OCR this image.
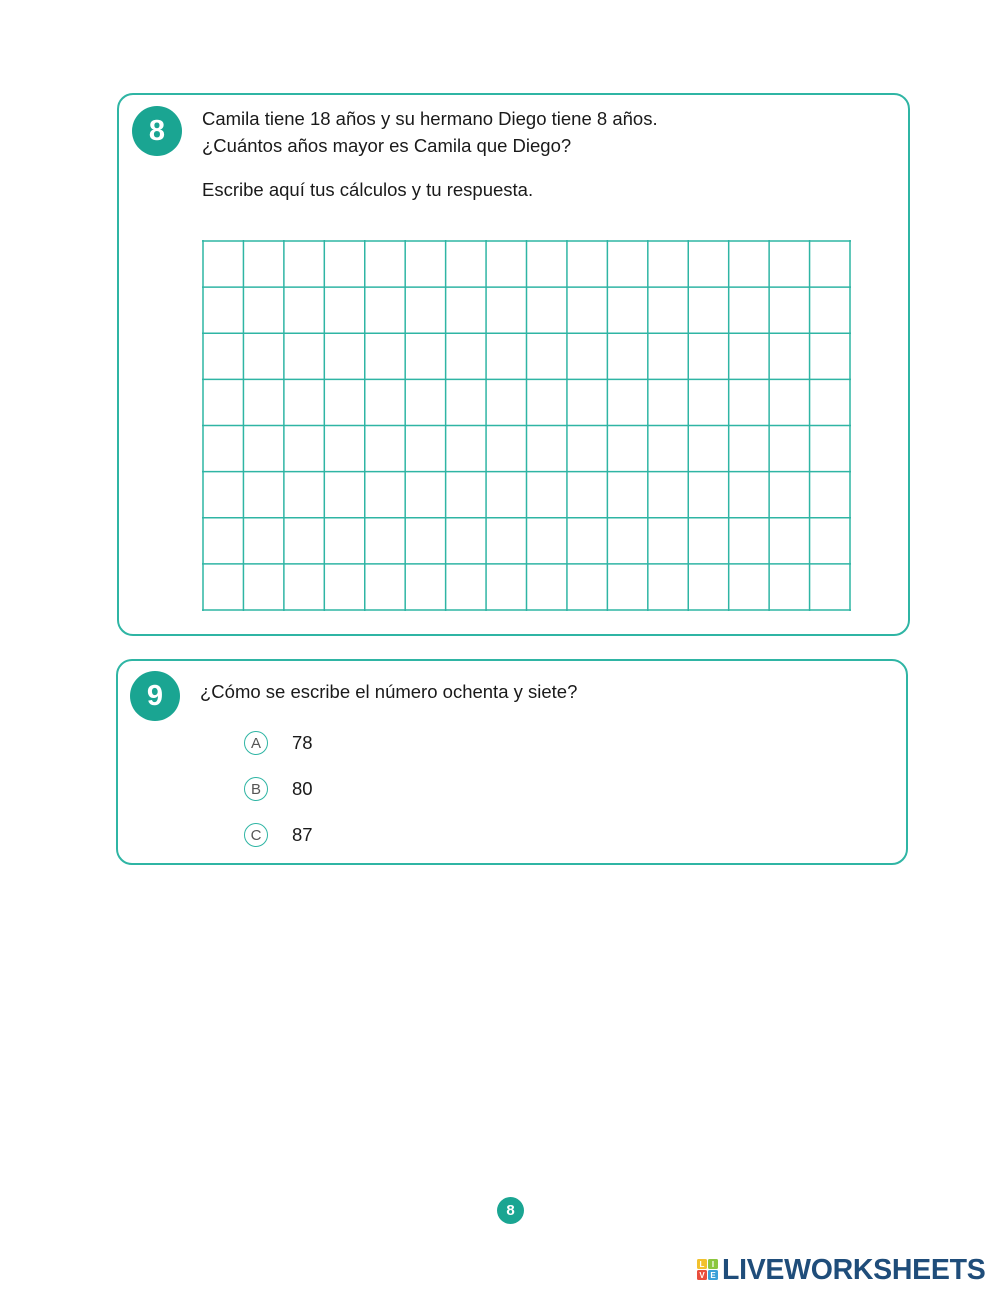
8	Camila tiene 18 años y su hermano Diego tiene 8 años.
¿Cuántos años mayor es Camila que Diego?
Escribe aquí tus cálculos y tu respuesta.
9	¿Cómo se escribe el número ochenta y siete?
A	78
B	80
C	87
8
L I
V E LIVEWORKSHEETS
